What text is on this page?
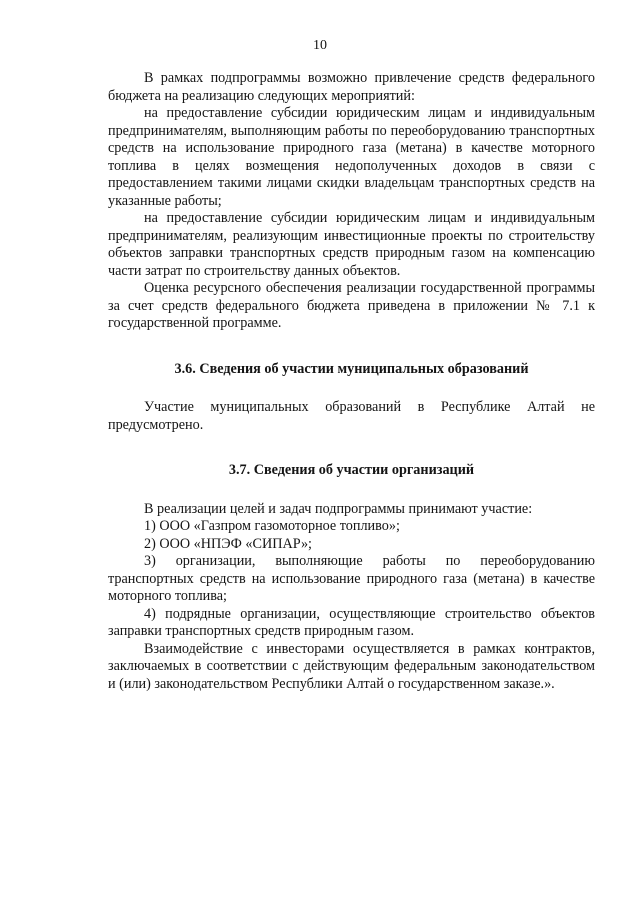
10

В рамках подпрограммы возможно привлечение средств федерального бюджета на реализацию следующих мероприятий:

на предоставление субсидии юридическим лицам и индивидуальным предпринимателям, выполняющим работы по переоборудованию транспортных средств на использование природного газа (метана) в качестве моторного топлива в целях возмещения недополученных доходов в связи с предоставлением такими лицами скидки владельцам транспортных средств на указанные работы;

на предоставление субсидии юридическим лицам и индивидуальным предпринимателям, реализующим инвестиционные проекты по строительству объектов заправки транспортных средств природным газом на компенсацию части затрат по строительству данных объектов.

Оценка ресурсного обеспечения реализации государственной программы за счет средств федерального бюджета приведена в приложении № 7.1 к государственной программе.

3.6. Сведения об участии муниципальных образований

Участие муниципальных образований в Республике Алтай не предусмотрено.

3.7. Сведения об участии организаций

В реализации целей и задач подпрограммы принимают участие:

1) ООО «Газпром газомоторное топливо»;

2) ООО «НПЭФ «СИПАР»;

3) организации, выполняющие работы по переоборудованию транспортных средств на использование природного газа (метана) в качестве моторного топлива;

4) подрядные организации, осуществляющие строительство объектов заправки транспортных средств природным газом.

Взаимодействие с инвесторами осуществляется в рамках контрактов, заключаемых в соответствии с действующим федеральным законодательством и (или) законодательством Республики Алтай о государственном заказе.».
